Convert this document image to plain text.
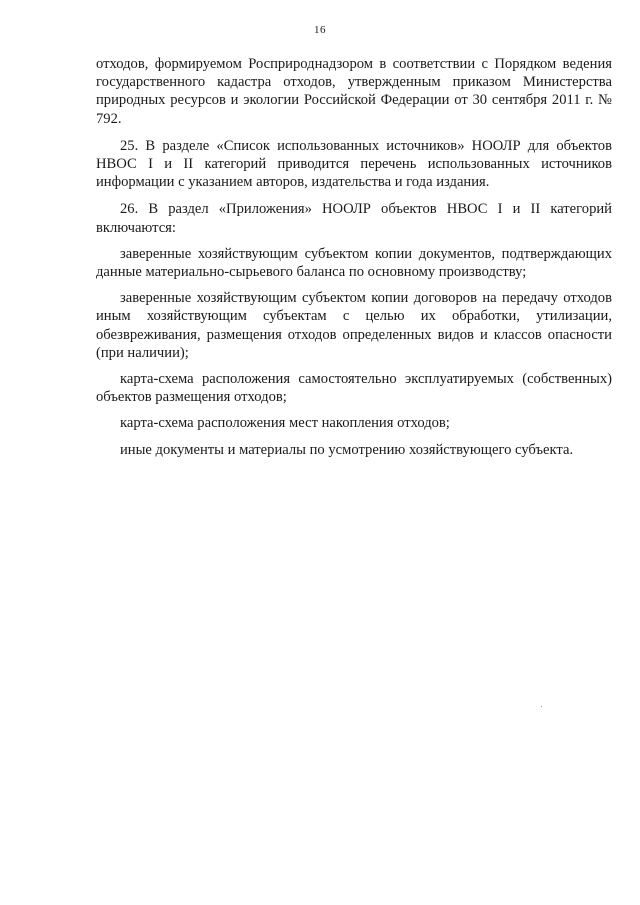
16

отходов, формируемом Росприроднадзором в соответствии с Порядком ведения государственного кадастра отходов, утвержденным приказом Министерства природных ресурсов и экологии Российской Федерации от 30 сентября 2011 г. № 792.

25. В разделе «Список использованных источников» НООЛР для объектов НВОС I и II категорий приводится перечень использованных источников информации с указанием авторов, издательства и года издания.

26. В раздел «Приложения» НООЛР объектов НВОС I и II категорий включаются:

заверенные хозяйствующим субъектом копии документов, подтверждающих данные материально-сырьевого баланса по основному производству;

заверенные хозяйствующим субъектом копии договоров на передачу отходов иным хозяйствующим субъектам с целью их обработки, утилизации, обезвреживания, размещения отходов определенных видов и классов опасности (при наличии);

карта-схема расположения самостоятельно эксплуатируемых (собственных) объектов размещения отходов;

карта-схема расположения мест накопления отходов;

иные документы и материалы по усмотрению хозяйствующего субъекта.
